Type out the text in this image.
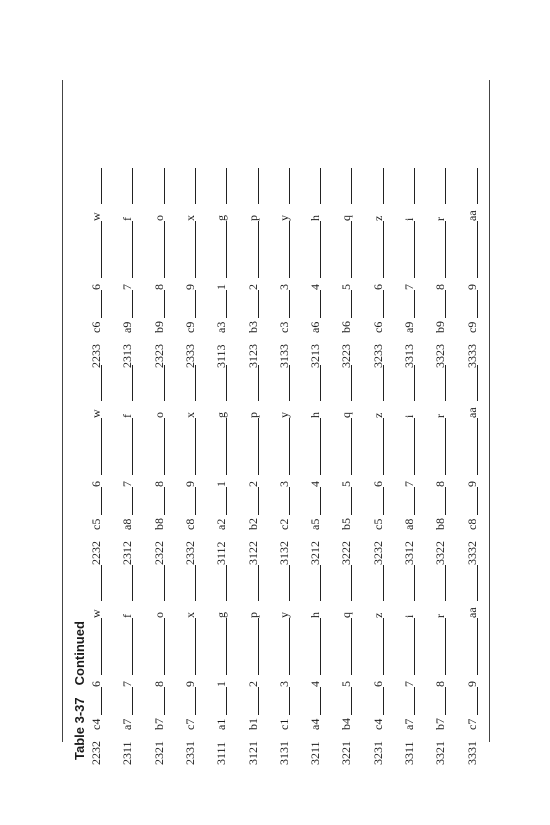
Table 3-37Continued
2232
c4
6
w
2311
a7
7
f
2321
b7
8
o
2331
c7
9
x
3111
a1
1
g
3121
b1
2
p
3131
c1
3
y
3211
a4
4
h
3221
b4
5
q
3231
c4
6
z
3311
a7
7
i
3321
b7
8
r
3331
c7
9
aa
2232
c5
6
w
2312
a8
7
f
2322
b8
8
o
2332
c8
9
x
3112
a2
1
g
3122
b2
2
p
3132
c2
3
y
3212
a5
4
h
3222
b5
5
q
3232
c5
6
z
3312
a8
7
i
3322
b8
8
r
3332
c8
9
aa
2233
c6
6
w
2313
a9
7
f
2323
b9
8
o
2333
c9
9
x
3113
a3
1
g
3123
b3
2
p
3133
c3
3
y
3213
a6
4
h
3223
b6
5
q
3233
c6
6
z
3313
a9
7
i
3323
b9
8
r
3333
c9
9
aa
